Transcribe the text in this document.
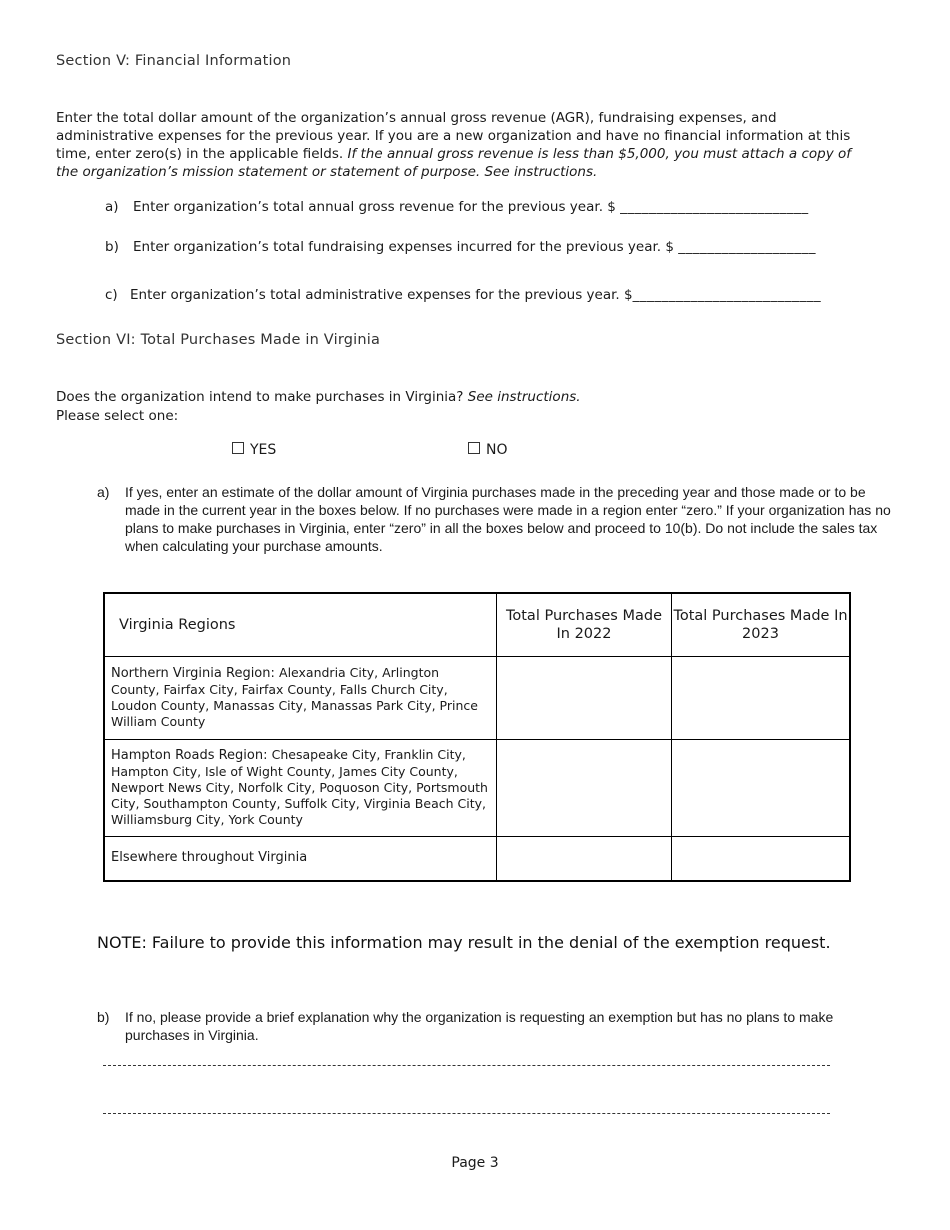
Section V: Financial Information
Enter the total dollar amount of the organization’s annual gross revenue (AGR), fundraising expenses, and administrative expenses for the previous year. If you are a new organization and have no financial information at this time, enter zero(s) in the applicable fields. If the annual gross revenue is less than $5,000, you must attach a copy of the organization’s mission statement or statement of purpose. See instructions.
a) Enter organization’s total annual gross revenue for the previous year. $ __________________________
b) Enter organization’s total fundraising expenses incurred for the previous year. $ ___________________
c) Enter organization’s total administrative expenses for the previous year. $__________________________
Section VI: Total Purchases Made in Virginia
Does the organization intend to make purchases in Virginia? See instructions.
Please select one:
YES	NO
a) If yes, enter an estimate of the dollar amount of Virginia purchases made in the preceding year and those made or to be made in the current year in the boxes below. If no purchases were made in a region enter “zero.” If your organization has no plans to make purchases in Virginia, enter “zero” in all the boxes below and proceed to 10(b). Do not include the sales tax when calculating your purchase amounts.
Virginia Regions	Total Purchases Made In 2022	Total Purchases Made In 2023
Northern Virginia Region: Alexandria City, Arlington County, Fairfax City, Fairfax County, Falls Church City, Loudon County, Manassas City, Manassas Park City, Prince William County		
Hampton Roads Region: Chesapeake City, Franklin City, Hampton City, Isle of Wight County, James City County, Newport News City, Norfolk City, Poquoson City, Portsmouth City, Southampton County, Suffolk City, Virginia Beach City, Williamsburg City, York County		
Elsewhere throughout Virginia		
NOTE: Failure to provide this information may result in the denial of the exemption request.
b) If no, please provide a brief explanation why the organization is requesting an exemption but has no plans to make purchases in Virginia.
Page 3
